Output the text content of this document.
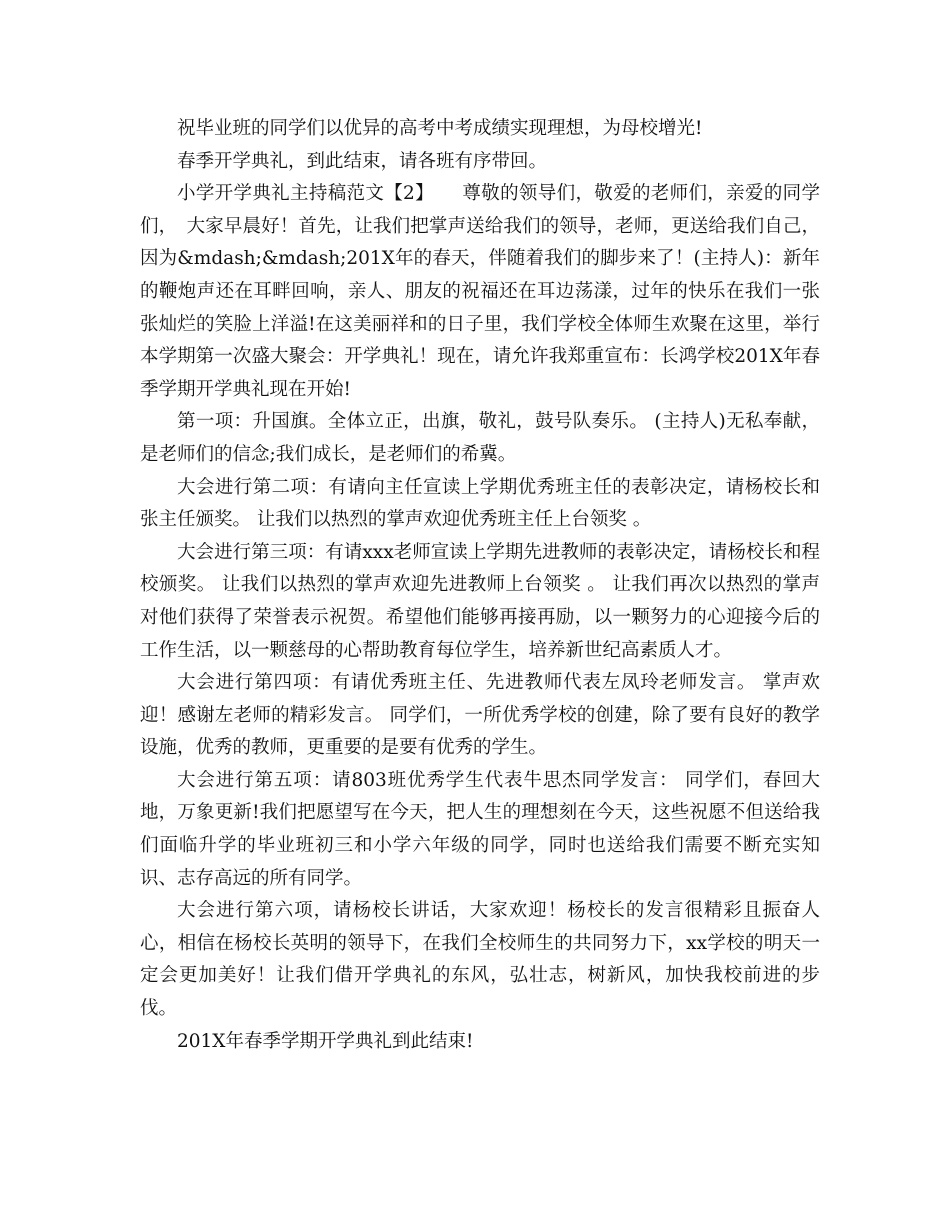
祝毕业班的同学们以优异的高考中考成绩实现理想，为母校增光!

春季开学典礼，到此结束，请各班有序带回。

小学开学典礼主持稿范文【2】　　尊敬的领导们，敬爱的老师们，亲爱的同学们，　大家早晨好！首先，让我们把掌声送给我们的领导，老师，更送给我们自己，因为&mdash;&mdash;201X年的春天，伴随着我们的脚步来了！(主持人)：新年的鞭炮声还在耳畔回响，亲人、朋友的祝福还在耳边荡漾，过年的快乐在我们一张张灿烂的笑脸上洋溢!在这美丽祥和的日子里，我们学校全体师生欢聚在这里，举行本学期第一次盛大聚会：开学典礼！现在，请允许我郑重宣布：长鸿学校201X年春季学期开学典礼现在开始!

第一项：升国旗。全体立正，出旗，敬礼，鼓号队奏乐。 (主持人)无私奉献，是老师们的信念;我们成长，是老师们的希冀。

大会进行第二项：有请向主任宣读上学期优秀班主任的表彰决定，请杨校长和张主任颁奖。 让我们以热烈的掌声欢迎优秀班主任上台领奖 。

大会进行第三项：有请xxx老师宣读上学期先进教师的表彰决定，请杨校长和程校颁奖。 让我们以热烈的掌声欢迎先进教师上台领奖 。 让我们再次以热烈的掌声对他们获得了荣誉表示祝贺。希望他们能够再接再励，以一颗努力的心迎接今后的工作生活，以一颗慈母的心帮助教育每位学生，培养新世纪高素质人才。

大会进行第四项：有请优秀班主任、先进教师代表左凤玲老师发言。 掌声欢迎！感谢左老师的精彩发言。 同学们，一所优秀学校的创建，除了要有良好的教学设施，优秀的教师，更重要的是要有优秀的学生。

大会进行第五项：请803班优秀学生代表牛思杰同学发言： 同学们，春回大地，万象更新!我们把愿望写在今天，把人生的理想刻在今天，这些祝愿不但送给我们面临升学的毕业班初三和小学六年级的同学，同时也送给我们需要不断充实知识、志存高远的所有同学。

大会进行第六项，请杨校长讲话，大家欢迎！杨校长的发言很精彩且振奋人心，相信在杨校长英明的领导下，在我们全校师生的共同努力下，xx学校的明天一定会更加美好！让我们借开学典礼的东风，弘壮志，树新风，加快我校前进的步伐。

201X年春季学期开学典礼到此结束!
